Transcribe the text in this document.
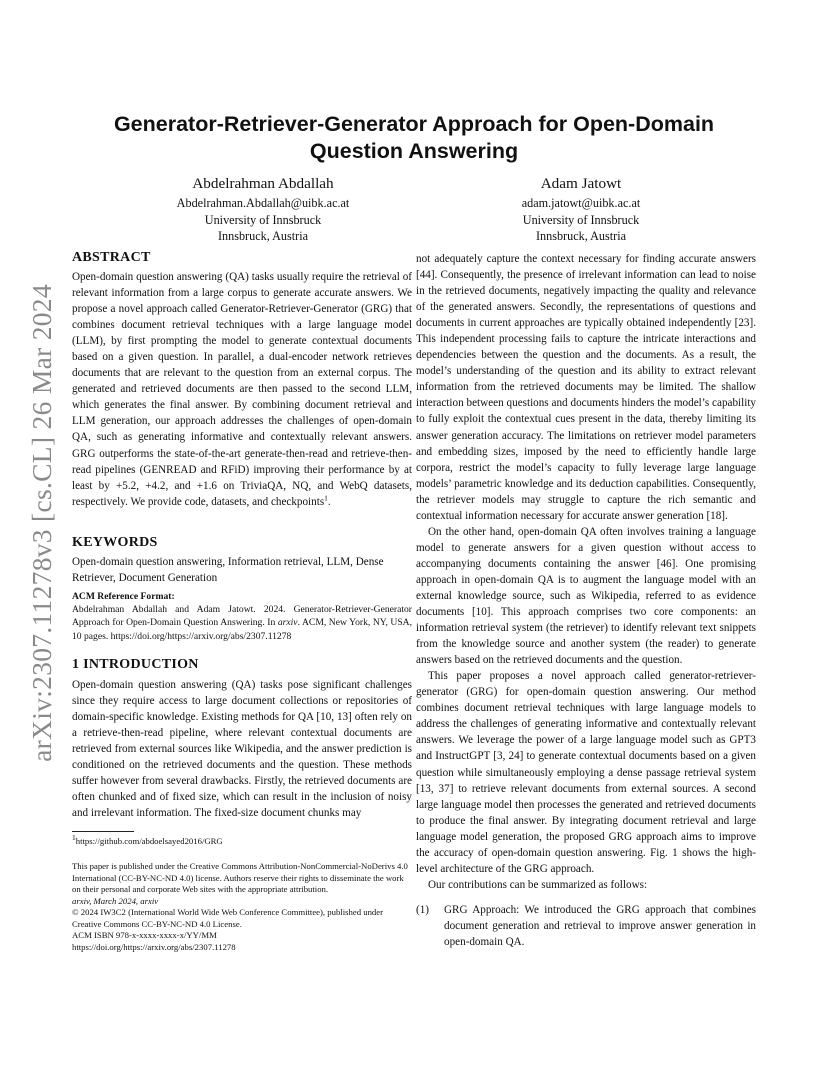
arXiv:2307.11278v3 [cs.CL] 26 Mar 2024
Generator-Retriever-Generator Approach for Open-Domain
Question Answering
Abdelrahman Abdallah
Abdelrahman.Abdallah@uibk.ac.at
University of Innsbruck
Innsbruck, Austria
Adam Jatowt
adam.jatowt@uibk.ac.at
University of Innsbruck
Innsbruck, Austria
ABSTRACT

Open-domain question answering (QA) tasks usually require the retrieval of relevant information from a large corpus to generate accurate answers. We propose a novel approach called Generator-Retriever-Generator (GRG) that combines document retrieval techniques with a large language model (LLM), by first prompting the model to generate contextual documents based on a given question. In parallel, a dual-encoder network retrieves documents that are relevant to the question from an external corpus. The generated and retrieved documents are then passed to the second LLM, which generates the final answer. By combining document retrieval and LLM generation, our approach addresses the challenges of open-domain QA, such as generating informative and contextually relevant answers. GRG outperforms the state-of-the-art generate-then-read and retrieve-then-read pipelines (GENREAD and RFiD) improving their performance by at least by +5.2, +4.2, and +1.6 on TriviaQA, NQ, and WebQ datasets, respectively. We provide code, datasets, and checkpoints$^1$.

KEYWORDS

Open-domain question answering, Information retrieval, LLM, Dense Retriever, Document Generation

ACM Reference Format:

Abdelrahman Abdallah and Adam Jatowt. 2024. Generator-Retriever-Generator Approach for Open-Domain Question Answering. In arxiv. ACM, New York, NY, USA, 10 pages. https://doi.org/https://arxiv.org/abs/2307.11278

1 INTRODUCTION

Open-domain question answering (QA) tasks pose significant challenges since they require access to large document collections or repositories of domain-specific knowledge. Existing methods for QA [10, 13] often rely on a retrieve-then-read pipeline, where relevant contextual documents are retrieved from external sources like Wikipedia, and the answer prediction is conditioned on the retrieved documents and the question. These methods suffer however from several drawbacks. Firstly, the retrieved documents are often chunked and of fixed size, which can result in the inclusion of noisy and irrelevant information. The fixed-size document chunks may

$^1$https://github.com/abdoelsayed2016/GRG

This paper is published under the Creative Commons Attribution-NonCommercial-NoDerivs 4.0 International (CC-BY-NC-ND 4.0) license. Authors reserve their rights to disseminate the work on their personal and corporate Web sites with the appropriate attribution.

arxiv, March 2024, arxiv

© 2024 IW3C2 (International World Wide Web Conference Committee), published under Creative Commons CC-BY-NC-ND 4.0 License.

ACM ISBN 978-x-xxxx-xxxx-x/YY/MM

https://doi.org/https://arxiv.org/abs/2307.11278

not adequately capture the context necessary for finding accurate answers [44]. Consequently, the presence of irrelevant information can lead to noise in the retrieved documents, negatively impacting the quality and relevance of the generated answers. Secondly, the representations of questions and documents in current approaches are typically obtained independently [23]. This independent processing fails to capture the intricate interactions and dependencies between the question and the documents. As a result, the model’s understanding of the question and its ability to extract relevant information from the retrieved documents may be limited. The shallow interaction between questions and documents hinders the model’s capability to fully exploit the contextual cues present in the data, thereby limiting its answer generation accuracy. The limitations on retriever model parameters and embedding sizes, imposed by the need to efficiently handle large corpora, restrict the model’s capacity to fully leverage large language models’ parametric knowledge and its deduction capabilities. Consequently, the retriever models may struggle to capture the rich semantic and contextual information necessary for accurate answer generation [18].

On the other hand, open-domain QA often involves training a language model to generate answers for a given question without access to accompanying documents containing the answer [46]. One promising approach in open-domain QA is to augment the language model with an external knowledge source, such as Wikipedia, referred to as evidence documents [10]. This approach comprises two core components: an information retrieval system (the retriever) to identify relevant text snippets from the knowledge source and another system (the reader) to generate answers based on the retrieved documents and the question.

This paper proposes a novel approach called generator-retriever-generator (GRG) for open-domain question answering. Our method combines document retrieval techniques with large language models to address the challenges of generating informative and contextually relevant answers. We leverage the power of a large language model such as GPT3 and InstructGPT [3, 24] to generate contextual documents based on a given question while simultaneously employing a dense passage retrieval system [13, 37] to retrieve relevant documents from external sources. A second large language model then processes the generated and retrieved documents to produce the final answer. By integrating document retrieval and large language model generation, the proposed GRG approach aims to improve the accuracy of open-domain question answering. Fig. 1 shows the high-level architecture of the GRG approach.

Our contributions can be summarized as follows:

(1)	GRG Approach: We introduced the GRG approach that combines document generation and retrieval to improve answer generation in open-domain QA.
